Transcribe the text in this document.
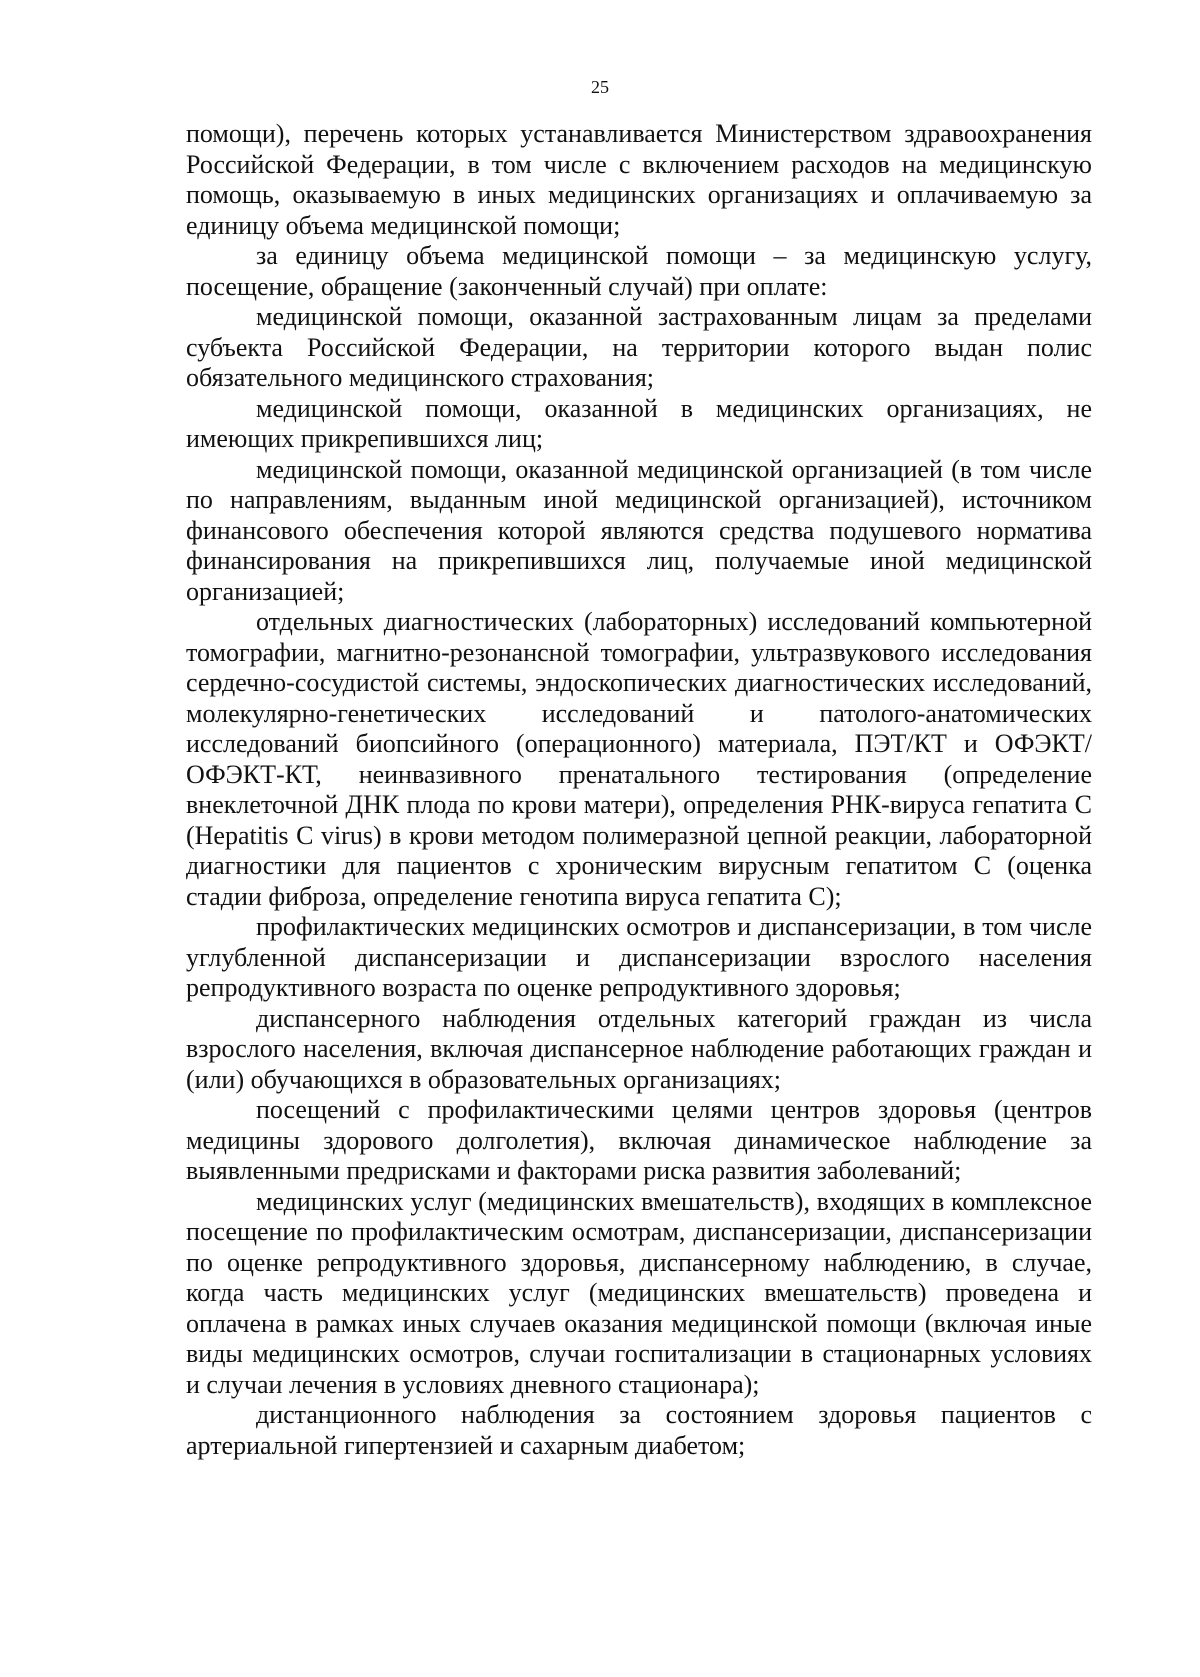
25

помощи), перечень которых устанавливается Министерством здравоохранения Российской Федерации, в том числе с включением расходов на медицинскую помощь, оказываемую в иных медицинских организациях и оплачиваемую за единицу объема медицинской помощи;

за единицу объема медицинской помощи – за медицинскую услугу, посещение, обращение (законченный случай) при оплате:

медицинской помощи, оказанной застрахованным лицам за пределами субъекта Российской Федерации, на территории которого выдан полис обязательного медицинского страхования;

медицинской помощи, оказанной в медицинских организациях, не имеющих прикрепившихся лиц;

медицинской помощи, оказанной медицинской организацией (в том числе по направлениям, выданным иной медицинской организацией), источником финансового обеспечения которой являются средства подушевого норматива финансирования на прикрепившихся лиц, получаемые иной медицинской организацией;

отдельных диагностических (лабораторных) исследований компьютерной томографии, магнитно-резонансной томографии, ультразвукового исследования сердечно-сосудистой системы, эндоскопических диагностических исследований, молекулярно-генетических исследований и патолого-анатомических исследований биопсийного (операционного) материала, ПЭТ/КТ и ОФЭКТ/ОФЭКТ-КТ, неинвазивного пренатального тестирования (определение внеклеточной ДНК плода по крови матери), определения РНК-вируса гепатита С (Hepatitis C virus) в крови методом полимеразной цепной реакции, лабораторной диагностики для пациентов с хроническим вирусным гепатитом С (оценка стадии фиброза, определение генотипа вируса гепатита С);

профилактических медицинских осмотров и диспансеризации, в том числе углубленной диспансеризации и диспансеризации взрослого населения репродуктивного возраста по оценке репродуктивного здоровья;

диспансерного наблюдения отдельных категорий граждан из числа взрослого населения, включая диспансерное наблюдение работающих граждан и (или) обучающихся в образовательных организациях;

посещений с профилактическими целями центров здоровья (центров медицины здорового долголетия), включая динамическое наблюдение за выявленными предрисками и факторами риска развития заболеваний;

медицинских услуг (медицинских вмешательств), входящих в комплексное посещение по профилактическим осмотрам, диспансеризации, диспансеризации по оценке репродуктивного здоровья, диспансерному наблюдению, в случае, когда часть медицинских услуг (медицинских вмешательств) проведена и оплачена в рамках иных случаев оказания медицинской помощи (включая иные виды медицинских осмотров, случаи госпитализации в стационарных условиях и случаи лечения в условиях дневного стационара);

дистанционного наблюдения за состоянием здоровья пациентов с артериальной гипертензией и сахарным диабетом;
